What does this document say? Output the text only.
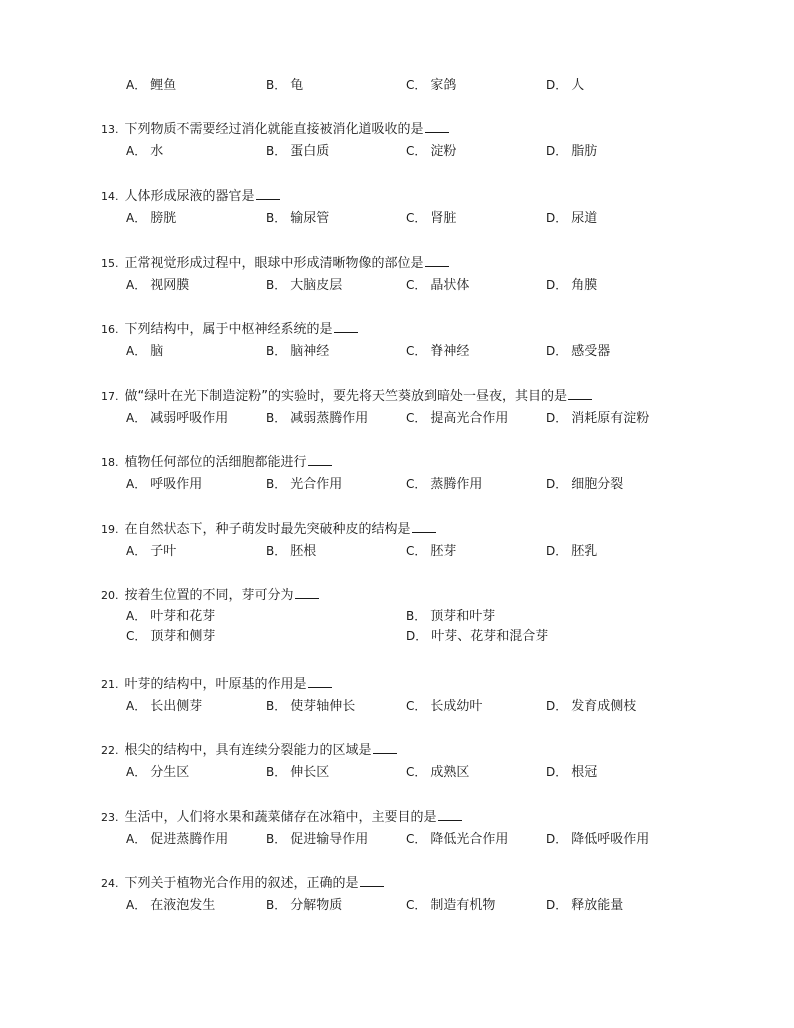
A． 鲤鱼	B． 龟	C． 家鸽	D． 人
13. 下列物质不需要经过消化就能直接被消化道吸收的是
A． 水	B． 蛋白质	C． 淀粉	D． 脂肪
14. 人体形成尿液的器官是
A． 膀胱	B． 输尿管	C． 肾脏	D． 尿道
15. 正常视觉形成过程中，眼球中形成清晰物像的部位是
A． 视网膜	B． 大脑皮层	C． 晶状体	D． 角膜
16. 下列结构中，属于中枢神经系统的是
A． 脑	B． 脑神经	C． 脊神经	D． 感受器
17. 做“绿叶在光下制造淀粉”的实验时，要先将天竺葵放到暗处一昼夜，其目的是
A． 减弱呼吸作用	B． 减弱蒸腾作用	C． 提高光合作用	D． 消耗原有淀粉
18. 植物任何部位的活细胞都能进行
A． 呼吸作用	B． 光合作用	C． 蒸腾作用	D． 细胞分裂
19. 在自然状态下，种子萌发时最先突破种皮的结构是
A． 子叶	B． 胚根	C． 胚芽	D． 胚乳
20. 按着生位置的不同，芽可分为
A． 叶芽和花芽	B． 顶芽和叶芽
C． 顶芽和侧芽	D． 叶芽、花芽和混合芽
21. 叶芽的结构中，叶原基的作用是
A． 长出侧芽	B． 使芽轴伸长	C． 长成幼叶	D． 发育成侧枝
22. 根尖的结构中，具有连续分裂能力的区域是
A． 分生区	B． 伸长区	C． 成熟区	D． 根冠
23. 生活中，人们将水果和蔬菜储存在冰箱中，主要目的是
A． 促进蒸腾作用	B． 促进输导作用	C． 降低光合作用	D． 降低呼吸作用
24. 下列关于植物光合作用的叙述，正确的是
A． 在液泡发生	B． 分解物质	C． 制造有机物	D． 释放能量
